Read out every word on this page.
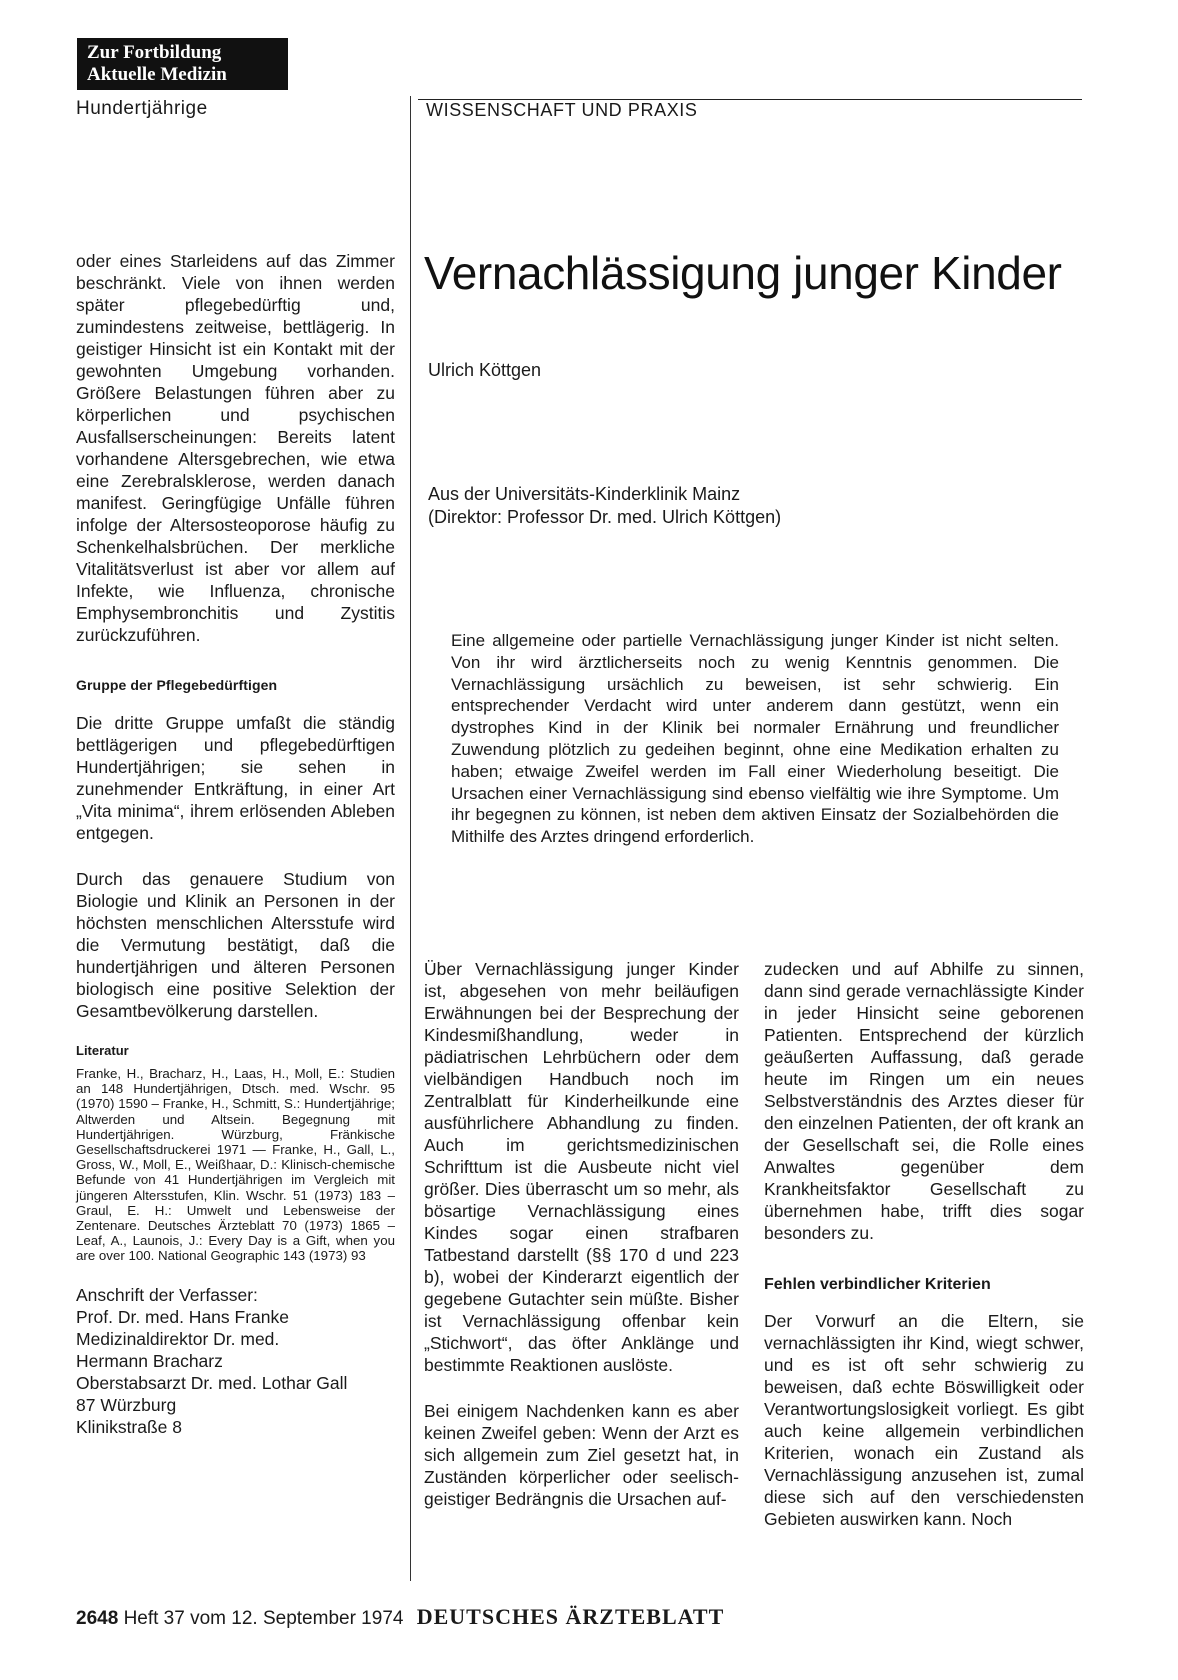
Zur Fortbildung
Aktuelle Medizin
Hundertjährige	WISSENSCHAFT UND PRAXIS

oder eines Starleidens auf das Zimmer beschränkt. Viele von ihnen werden später pflegebedürftig und, zumindestens zeitweise, bettlägerig. In geistiger Hinsicht ist ein Kontakt mit der gewohnten Umgebung vorhanden. Größere Belastungen führen aber zu körperlichen und psychischen Ausfallserscheinungen: Bereits latent vorhandene Altersgebrechen, wie etwa eine Zerebralsklerose, werden danach manifest. Geringfügige Unfälle führen infolge der Altersosteoporose häufig zu Schenkelhalsbrüchen. Der merkliche Vitalitätsverlust ist aber vor allem auf Infekte, wie Influenza, chronische Emphysembronchitis und Zystitis zurückzuführen.

Gruppe der Pflegebedürftigen

Die dritte Gruppe umfaßt die ständig bettlägerigen und pflegebedürftigen Hundertjährigen; sie sehen in zunehmender Entkräftung, in einer Art „Vita minima“, ihrem erlösenden Ableben entgegen.

Durch das genauere Studium von Biologie und Klinik an Personen in der höchsten menschlichen Altersstufe wird die Vermutung bestätigt, daß die hundertjährigen und älteren Personen biologisch eine positive Selektion der Gesamtbevölkerung darstellen.

Literatur
Franke, H., Bracharz, H., Laas, H., Moll, E.: Studien an 148 Hundertjährigen, Dtsch. med. Wschr. 95 (1970) 1590 – Franke, H., Schmitt, S.: Hundertjährige; Altwerden und Altsein. Begegnung mit Hundertjährigen. Würzburg, Fränkische Gesellschaftsdruckerei 1971 — Franke, H., Gall, L., Gross, W., Moll, E., Weißhaar, D.: Klinisch-chemische Befunde von 41 Hundertjährigen im Vergleich mit jüngeren Altersstufen, Klin. Wschr. 51 (1973) 183 – Graul, E. H.: Umwelt und Lebensweise der Zentenare. Deutsches Ärzteblatt 70 (1973) 1865 – Leaf, A., Launois, J.: Every Day is a Gift, when you are over 100. National Geographic 143 (1973) 93
Anschrift der Verfasser:
Prof. Dr. med. Hans Franke
Medizinaldirektor Dr. med.
Hermann Bracharz
Oberstabsarzt Dr. med. Lothar Gall
87 Würzburg
Klinikstraße 8
Vernachlässigung junger Kinder
Ulrich Köttgen
Aus der Universitäts-Kinderklinik Mainz
(Direktor: Professor Dr. med. Ulrich Köttgen)
Eine allgemeine oder partielle Vernachlässigung junger Kinder ist nicht selten. Von ihr wird ärztlicherseits noch zu wenig Kenntnis genommen. Die Vernachlässigung ursächlich zu beweisen, ist sehr schwierig. Ein entsprechender Verdacht wird unter anderem dann gestützt, wenn ein dystrophes Kind in der Klinik bei normaler Ernährung und freundlicher Zuwendung plötzlich zu gedeihen beginnt, ohne eine Medikation erhalten zu haben; etwaige Zweifel werden im Fall einer Wiederholung beseitigt. Die Ursachen einer Vernachlässigung sind ebenso vielfältig wie ihre Symptome. Um ihr begegnen zu können, ist neben dem aktiven Einsatz der Sozialbehörden die Mithilfe des Arztes dringend erforderlich.

Über Vernachlässigung junger Kinder ist, abgesehen von mehr beiläufigen Erwähnungen bei der Besprechung der Kindesmißhandlung, weder in pädiatrischen Lehrbüchern oder dem vielbändigen Handbuch noch im Zentralblatt für Kinderheilkunde eine ausführlichere Abhandlung zu finden. Auch im gerichtsmedizinischen Schrifttum ist die Ausbeute nicht viel größer. Dies überrascht um so mehr, als bösartige Vernachlässigung eines Kindes sogar einen strafbaren Tatbestand darstellt (§§ 170 d und 223 b), wobei der Kinderarzt eigentlich der gegebene Gutachter sein müßte. Bisher ist Vernachlässigung offenbar kein „Stichwort“, das öfter Anklänge und bestimmte Reaktionen auslöste.

Bei einigem Nachdenken kann es aber keinen Zweifel geben: Wenn der Arzt es sich allgemein zum Ziel gesetzt hat, in Zuständen körperlicher oder seelisch-geistiger Bedrängnis die Ursachen auf-

zudecken und auf Abhilfe zu sinnen, dann sind gerade vernachlässigte Kinder in jeder Hinsicht seine geborenen Patienten. Entsprechend der kürzlich geäußerten Auffassung, daß gerade heute im Ringen um ein neues Selbstverständnis des Arztes dieser für den einzelnen Patienten, der oft krank an der Gesellschaft sei, die Rolle eines Anwaltes gegenüber dem Krankheitsfaktor Gesellschaft zu übernehmen habe, trifft dies sogar besonders zu.

Fehlen verbindlicher Kriterien

Der Vorwurf an die Eltern, sie vernachlässigten ihr Kind, wiegt schwer, und es ist oft sehr schwierig zu beweisen, daß echte Böswilligkeit oder Verantwortungslosigkeit vorliegt. Es gibt auch keine allgemein verbindlichen Kriterien, wonach ein Zustand als Vernachlässigung anzusehen ist, zumal diese sich auf den verschiedensten Gebieten auswirken kann. Noch

2648 Heft 37 vom 12. September 1974 DEUTSCHES ÄRZTEBLATT
